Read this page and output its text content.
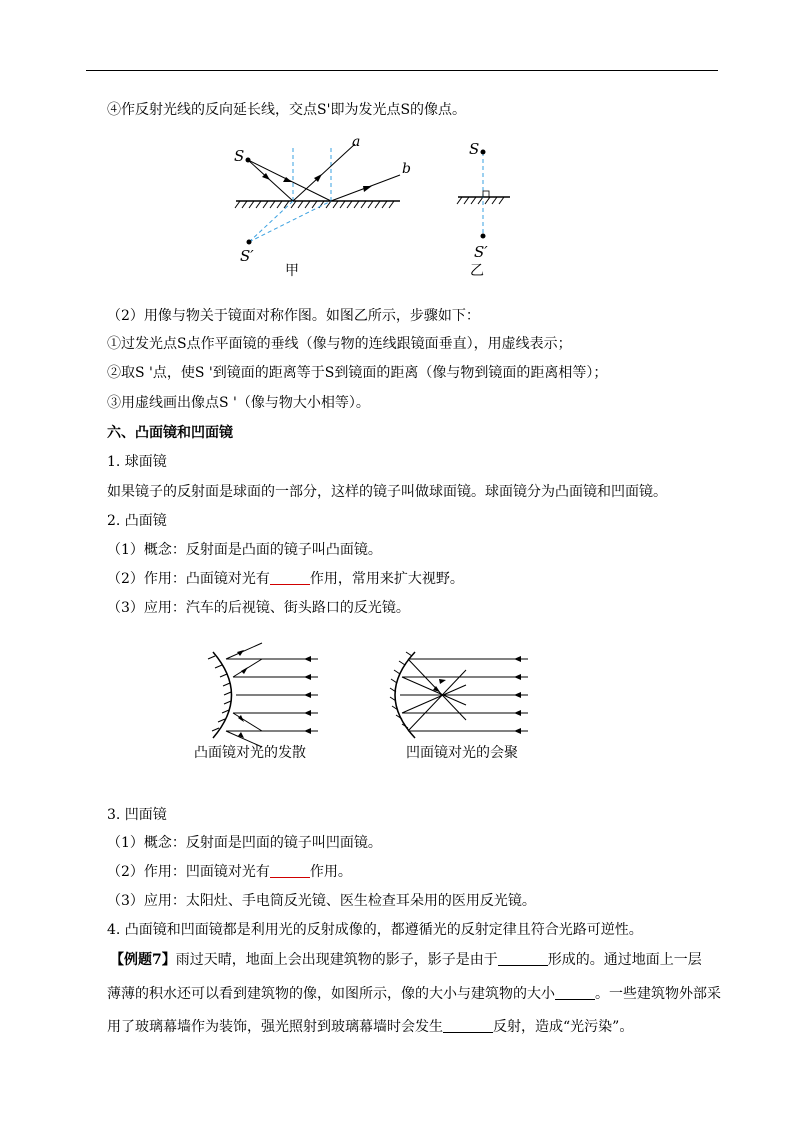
④作反射光线的反向延长线，交点S'即为发光点S的像点。
S
S′
a
b
S
S′
甲	乙
（2）用像与物关于镜面对称作图。如图乙所示，步骤如下：
①过发光点S点作平面镜的垂线（像与物的连线跟镜面垂直），用虚线表示；
②取S '点，使S '到镜面的距离等于S到镜面的距离（像与物到镜面的距离相等）；
③用虚线画出像点S '（像与物大小相等）。
六、凸面镜和凹面镜
1. 球面镜
如果镜子的反射面是球面的一部分，这样的镜子叫做球面镜。球面镜分为凸面镜和凹面镜。
2. 凸面镜
（1）概念：反射面是凸面的镜子叫凸面镜。
（2）作用：凸面镜对光有	作用，常用来扩大视野。
（3）应用：汽车的后视镜、街头路口的反光镜。
凸面镜对光的发散	凹面镜对光的会聚
3. 凹面镜
（1）概念：反射面是凹面的镜子叫凹面镜。
（2）作用：凹面镜对光有	作用。
（3）应用：太阳灶、手电筒反光镜、医生检查耳朵用的医用反光镜。
4. 凸面镜和凹面镜都是利用光的反射成像的，都遵循光的反射定律且符合光路可逆性。
【例题7】雨过天晴，地面上会出现建筑物的影子，影子是由于	形成的。通过地面上一层
薄薄的积水还可以看到建筑物的像，如图所示，像的大小与建筑物的大小	。一些建筑物外部采
用了玻璃幕墙作为装饰，强光照射到玻璃幕墙时会发生	反射，造成“光污染”。
